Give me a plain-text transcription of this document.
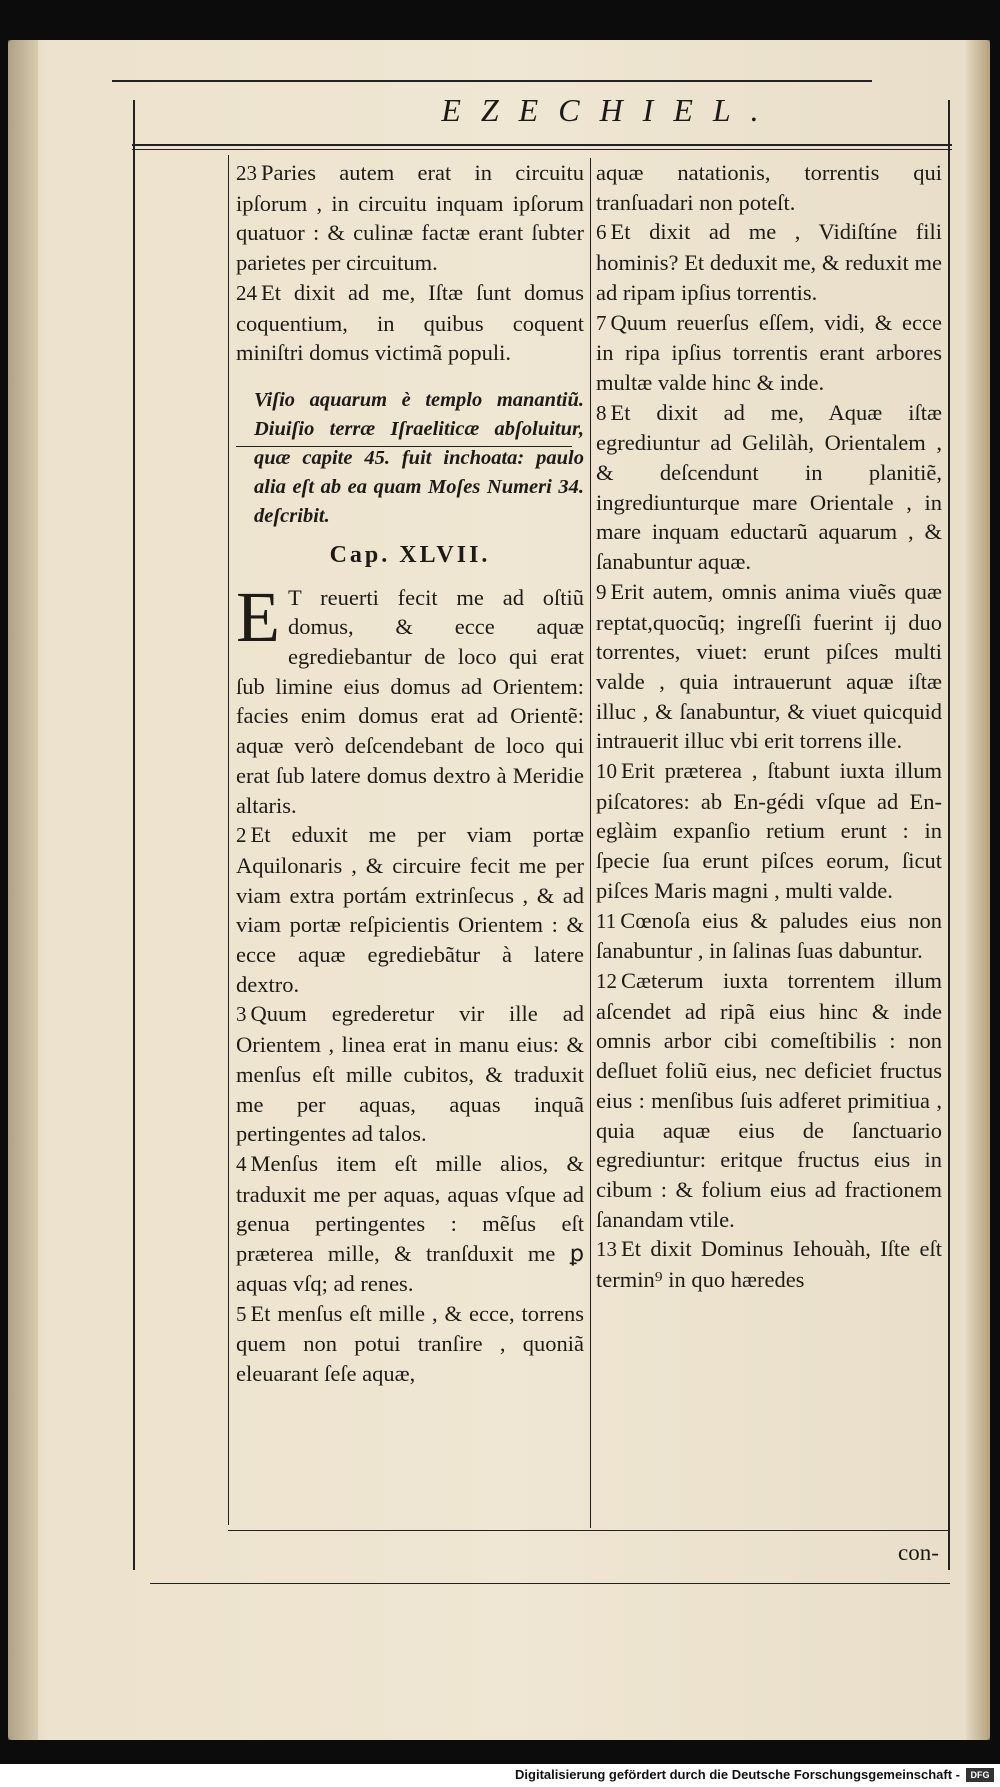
EZECHIEL.

23 Paries autem erat in circuitu ipſorum , in circuitu inquam ipſorum quatuor : & culinæ factæ erant ſubter parietes per circuitum.

24 Et dixit ad me, Iſtæ ſunt domus coquentium, in quibus coquent miniſtri domus victimã populi.

Viſio aquarum è templo manantiũ. Diuiſio terræ Iſraeliticæ abſoluitur, quæ capite 45. fuit inchoata: paulo alia eſt ab ea quam Moſes Numeri 34. deſcribit.

Cap. XLVII.

E T reuerti fecit me ad oſtiũ domus, & ecce aquæ egrediebantur de loco qui erat ſub limine eius domus ad Orientem: facies enim domus erat ad Orientẽ: aquæ verò deſcendebant de loco qui erat ſub latere domus dextro à Meridie altaris.

2 Et eduxit me per viam portæ Aquilonaris , & circuire fecit me per viam extra portám extrinſecus , & ad viam portæ reſpicientis Orientem : & ecce aquæ egrediebãtur à latere dextro.

3 Quum egrederetur vir ille ad Orientem , linea erat in manu eius: & menſus eſt mille cubitos, & traduxit me per aquas, aquas inquã pertingentes ad talos.

4 Menſus item eſt mille alios, & traduxit me per aquas, aquas vſque ad genua pertingentes : mẽſus eſt præterea mille, & tranſduxit me ꝑ aquas vſq; ad renes.

5 Et menſus eſt mille , & ecce, torrens quem non potui tranſire , quoniã eleuarant ſeſe aquæ,

aquæ natationis, torrentis qui tranſuadari non poteſt.

6 Et dixit ad me , Vidiſtíne fili hominis? Et deduxit me, & reduxit me ad ripam ipſius torrentis.

7 Quum reuerſus eſſem, vidi, & ecce in ripa ipſius torrentis erant arbores multæ valde hinc & inde.

8 Et dixit ad me, Aquæ iſtæ egrediuntur ad Gelilàh, Orientalem , & deſcendunt in planitiẽ, ingrediunturque mare Orientale , in mare inquam eductarũ aquarum , & ſanabuntur aquæ.

9 Erit autem, omnis anima viuẽs quæ reptat,quocũq; ingreſſi fuerint ij duo torrentes, viuet: erunt piſces multi valde , quia intrauerunt aquæ iſtæ illuc , & ſanabuntur, & viuet quicquid intrauerit illuc vbi erit torrens ille.

10 Erit præterea , ſtabunt iuxta illum piſcatores: ab En-gédi vſque ad En-eglàim expanſio retium erunt : in ſpecie ſua erunt piſces eorum, ſicut piſces Maris magni , multi valde.

11 Cœnoſa eius & paludes eius non ſanabuntur , in ſalinas ſuas dabuntur.

12 Cæterum iuxta torrentem illum aſcendet ad ripã eius hinc & inde omnis arbor cibi comeſtibilis : non deſluet foliũ eius, nec deficiet fructus eius : menſibus ſuis adferet primitiua , quia aquæ eius de ſanctuario egrediuntur: eritque fructus eius in cibum : & folium eius ad fractionem ſanandam vtile.

13 Et dixit Dominus Iehouàh, Iſte eſt termin⁹ in quo hæredes

con-
Digitalisierung gefördert durch die Deutsche Forschungsgemeinschaft -	DFG
